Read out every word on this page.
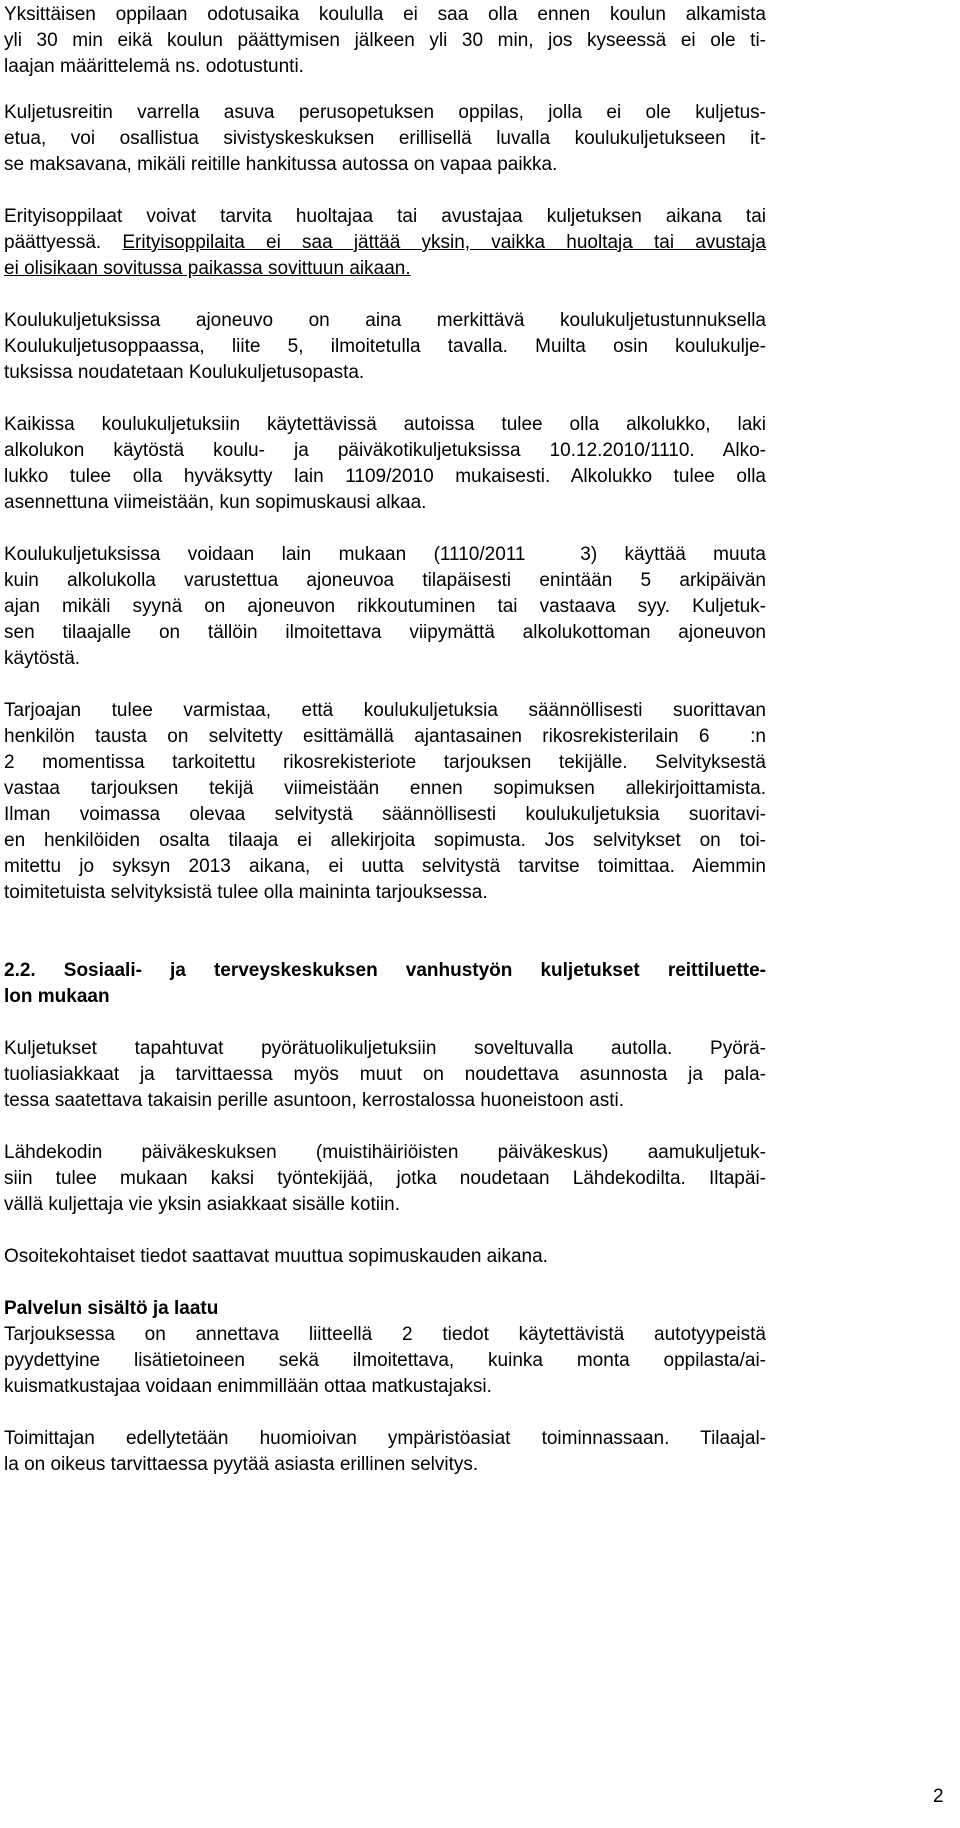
Yksittäisen oppilaan odotusaika koululla ei saa olla ennen koulun alkamista
yli 30 min eikä koulun päättymisen jälkeen yli 30 min, jos kyseessä ei ole ti-
laajan määrittelemä ns. odotustunti.
Kuljetusreitin varrella asuva perusopetuksen oppilas, jolla ei ole kuljetus-
etua, voi osallistua sivistyskeskuksen erillisellä luvalla koulukuljetukseen it-
se maksavana, mikäli reitille hankitussa autossa on vapaa paikka.
Erityisoppilaat voivat tarvita huoltajaa tai avustajaa kuljetuksen aikana tai
päättyessä. Erityisoppilaita ei saa jättää yksin, vaikka huoltaja tai avustaja
ei olisikaan sovitussa paikassa sovittuun aikaan.
Koulukuljetuksissa ajoneuvo on aina merkittävä koulukuljetustunnuksella
Koulukuljetusoppaassa, liite 5, ilmoitetulla tavalla. Muilta osin koulukulje-
tuksissa noudatetaan Koulukuljetusopasta.
Kaikissa koulukuljetuksiin käytettävissä autoissa tulee olla alkolukko, laki
alkolukon käytöstä koulu- ja päiväkotikuljetuksissa 10.12.2010/1110. Alko-
lukko tulee olla hyväksytty lain 1109/2010 mukaisesti. Alkolukko tulee olla
asennettuna viimeistään, kun sopimuskausi alkaa.
Koulukuljetuksissa voidaan lain mukaan (1110/2011  3) käyttää muuta
kuin alkolukolla varustettua ajoneuvoa tilapäisesti enintään 5 arkipäivän
ajan mikäli syynä on ajoneuvon rikkoutuminen tai vastaava syy. Kuljetuk-
sen tilaajalle on tällöin ilmoitettava viipymättä alkolukottoman ajoneuvon
käytöstä.
Tarjoajan tulee varmistaa, että koulukuljetuksia säännöllisesti suorittavan
henkilön tausta on selvitetty esittämällä ajantasainen rikosrekisterilain 6  :n
2 momentissa tarkoitettu rikosrekisteriote tarjouksen tekijälle. Selvityksestä
vastaa tarjouksen tekijä viimeistään ennen sopimuksen allekirjoittamista.
Ilman voimassa olevaa selvitystä säännöllisesti koulukuljetuksia suoritavi-
en henkilöiden osalta tilaaja ei allekirjoita sopimusta. Jos selvitykset on toi-
mitettu jo syksyn 2013 aikana, ei uutta selvitystä tarvitse toimittaa. Aiemmin
toimitetuista selvityksistä tulee olla maininta tarjouksessa.
2.2. Sosiaali- ja terveyskeskuksen vanhustyön kuljetukset reittiluette-
lon mukaan
Kuljetukset tapahtuvat pyörätuolikuljetuksiin soveltuvalla autolla. Pyörä-
tuoliasiakkaat ja tarvittaessa myös muut on noudettava asunnosta ja pala-
tessa saatettava takaisin perille asuntoon, kerrostalossa huoneistoon asti.
Lähdekodin päiväkeskuksen (muistihäiriöisten päiväkeskus) aamukuljetuk-
siin tulee mukaan kaksi työntekijää, jotka noudetaan Lähdekodilta. Iltapäi-
vällä kuljettaja vie yksin asiakkaat sisälle kotiin.
Osoitekohtaiset tiedot saattavat muuttua sopimuskauden aikana.
Palvelun sisältö ja laatu
Tarjouksessa on annettava liitteellä 2 tiedot käytettävistä autotyypeistä
pyydettyine lisätietoineen sekä ilmoitettava, kuinka monta oppilasta/ai-
kuismatkustajaa voidaan enimmillään ottaa matkustajaksi.
Toimittajan edellytetään huomioivan ympäristöasiat toiminnassaan. Tilaajal-
la on oikeus tarvittaessa pyytää asiasta erillinen selvitys.
2
